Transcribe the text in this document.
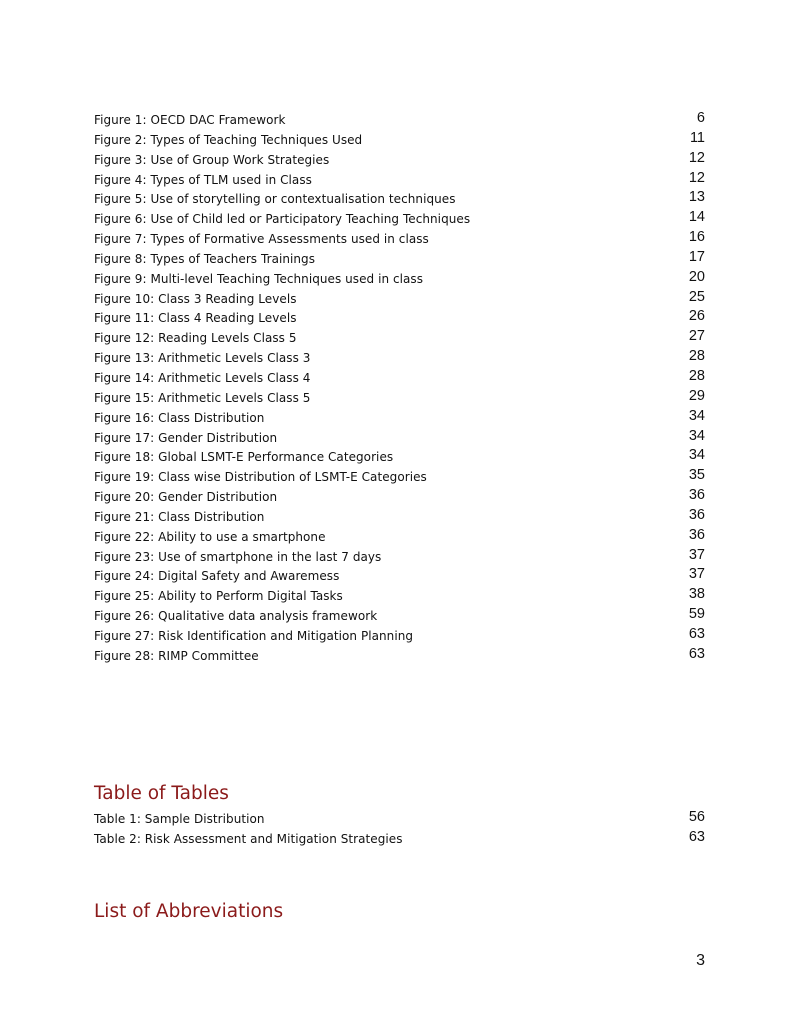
Figure 1: OECD DAC Framework	6
Figure 2: Types of Teaching Techniques Used	11
Figure 3: Use of Group Work Strategies	12
Figure 4: Types of TLM used in Class	12
Figure 5: Use of storytelling or contextualisation techniques	13
Figure 6: Use of Child led or Participatory Teaching Techniques	14
Figure 7: Types of Formative Assessments used in class	16
Figure 8: Types of Teachers Trainings	17
Figure 9: Multi-level Teaching Techniques used in class	20
Figure 10: Class 3 Reading Levels	25
Figure 11: Class 4 Reading Levels	26
Figure 12: Reading Levels Class 5	27
Figure 13: Arithmetic Levels Class 3	28
Figure 14: Arithmetic Levels Class 4	28
Figure 15: Arithmetic Levels Class 5	29
Figure 16: Class Distribution	34
Figure 17: Gender Distribution	34
Figure 18: Global LSMT-E Performance Categories	34
Figure 19: Class wise Distribution of LSMT-E Categories	35
Figure 20: Gender Distribution	36
Figure 21: Class Distribution	36
Figure 22: Ability to use a smartphone	36
Figure 23: Use of smartphone in the last 7 days	37
Figure 24: Digital Safety and Awaremess	37
Figure 25: Ability to Perform Digital Tasks	38
Figure 26: Qualitative data analysis framework	59
Figure 27: Risk Identification and Mitigation Planning	63
Figure 28: RIMP Committee	63
Table of Tables
Table 1: Sample Distribution	56
Table 2: Risk Assessment and Mitigation Strategies	63
List of Abbreviations
3
